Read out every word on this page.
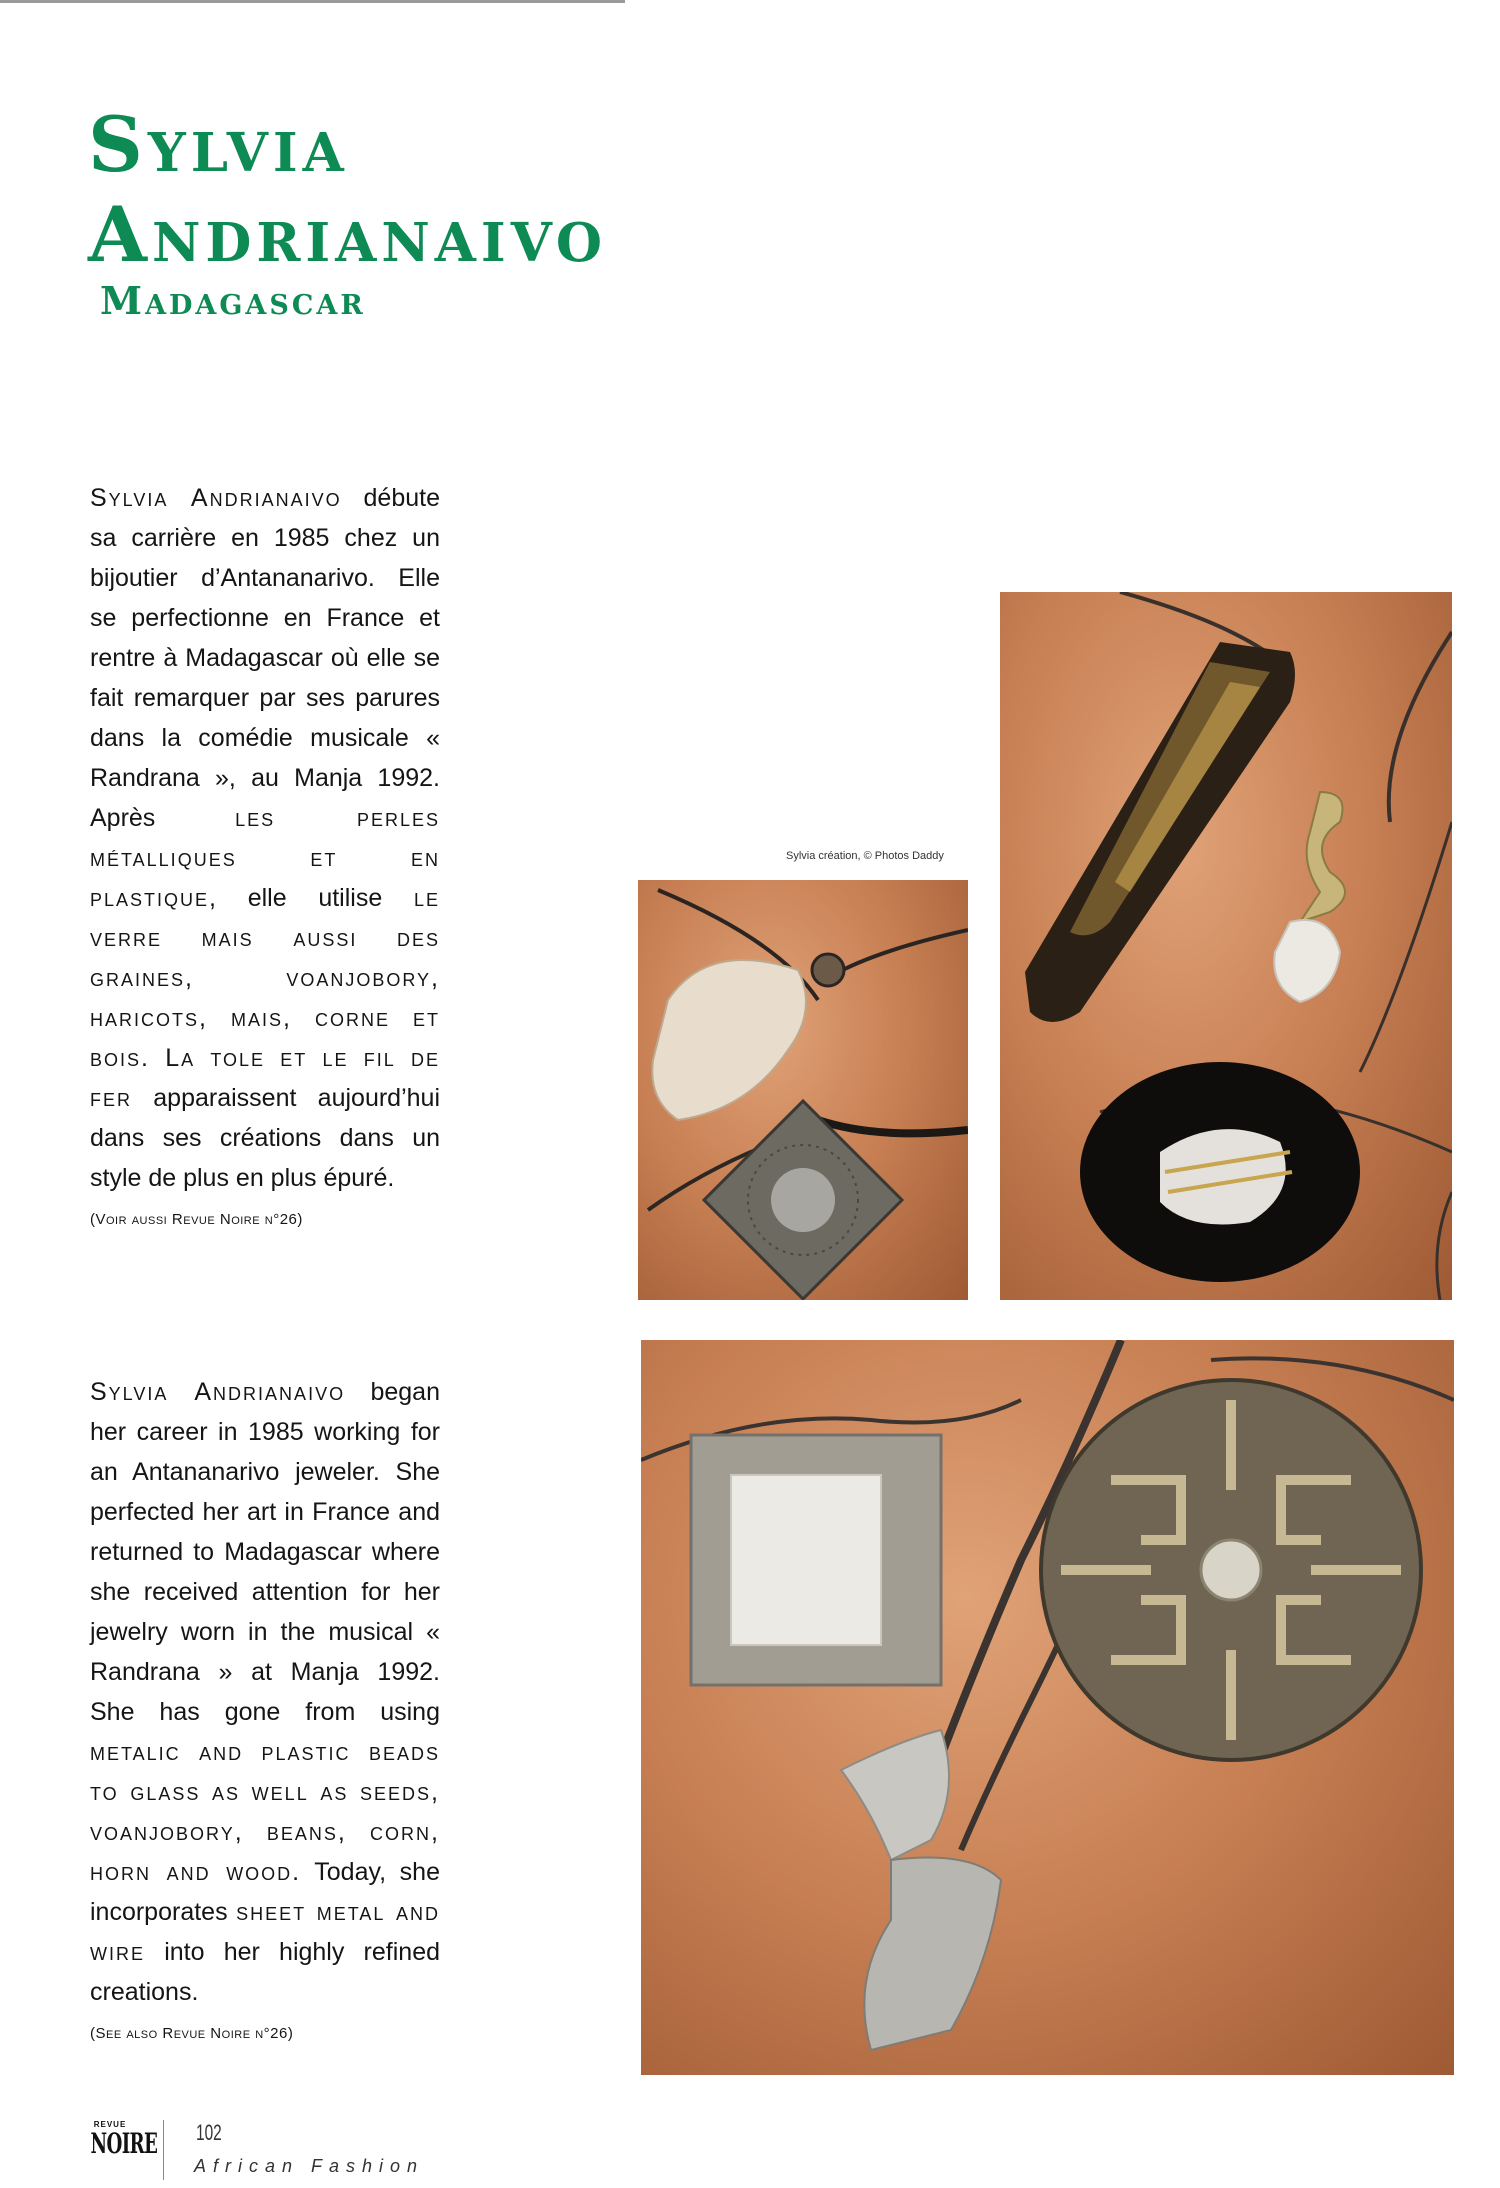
Sylvia
Andrianaivo
Madagascar
Sylvia Andrianaivo débute sa carrière en 1985 chez un bijoutier d’Antananarivo. Elle se perfectionne en France et rentre à Madagascar où elle se fait remarquer par ses parures dans la comédie musicale « Randrana », au Manja 1992. Après les perles métalliques et en plastique, elle utilise le verre mais aussi des graines, voanjobory, haricots, mais, corne et bois. La tole et le fil de fer apparaissent aujourd’hui dans ses créations dans un style de plus en plus épuré.
(Voir aussi Revue Noire n°26)
Sylvia Andrianaivo began her career in 1985 working for an Antananarivo jeweler. She perfected her art in France and returned to Madagascar where she received attention for her jewelry worn in the musical « Randrana » at Manja 1992. She has gone from using metalic and plastic beads to glass as well as seeds, voanjobory, beans, corn, horn and wood. Today, she incorporates sheet metal and wire into her highly refined creations.
(See also Revue Noire n°26)
Sylvia création, © Photos Daddy
REVUE
NOIRE 102
African Fashion
